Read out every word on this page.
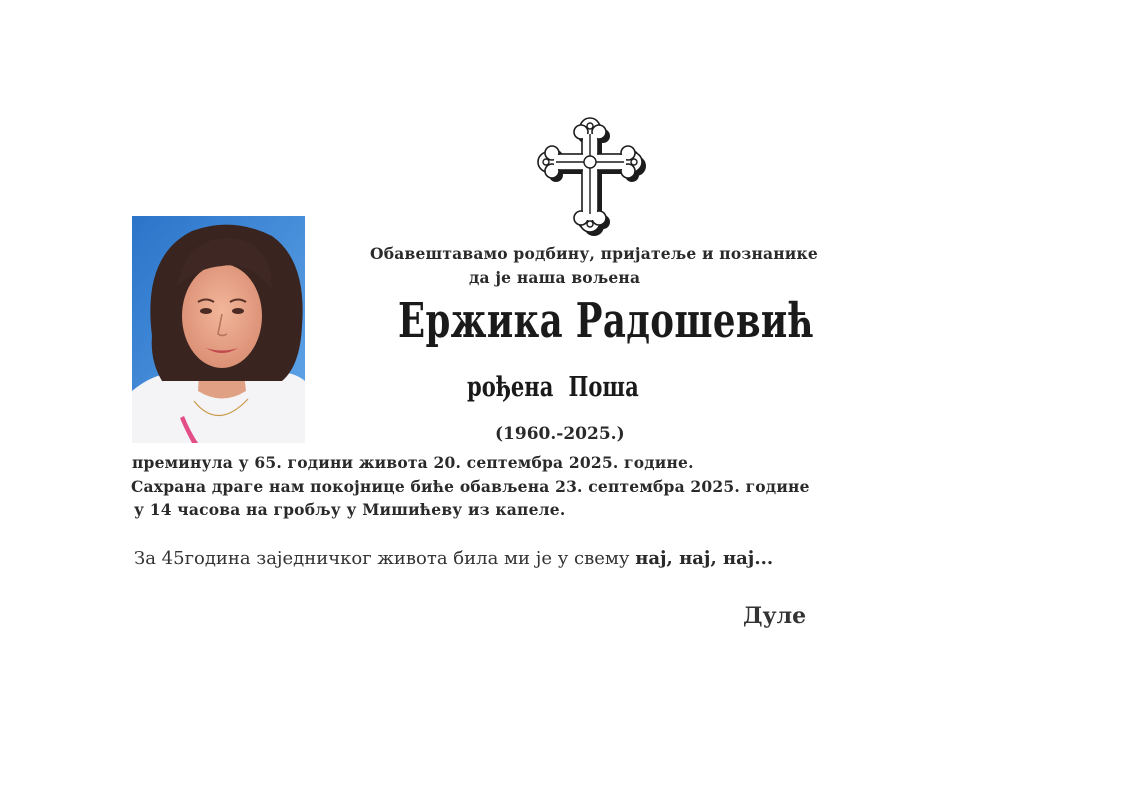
Обавештавамо родбину, пријатеље и познанике

да је наша вољена

Ержика Радошевић

рођена Поша

(1960.-2025.)

преминула у 65. години живота 20. септембра 2025. године.

Сахрана драге нам покојнице биће обављена 23. септембра 2025. године

у 14 часова на гробљу у Мишићеву из капеле.

За 45година заједничког живота била ми је у свему нај, нај, нај...

Дуле
